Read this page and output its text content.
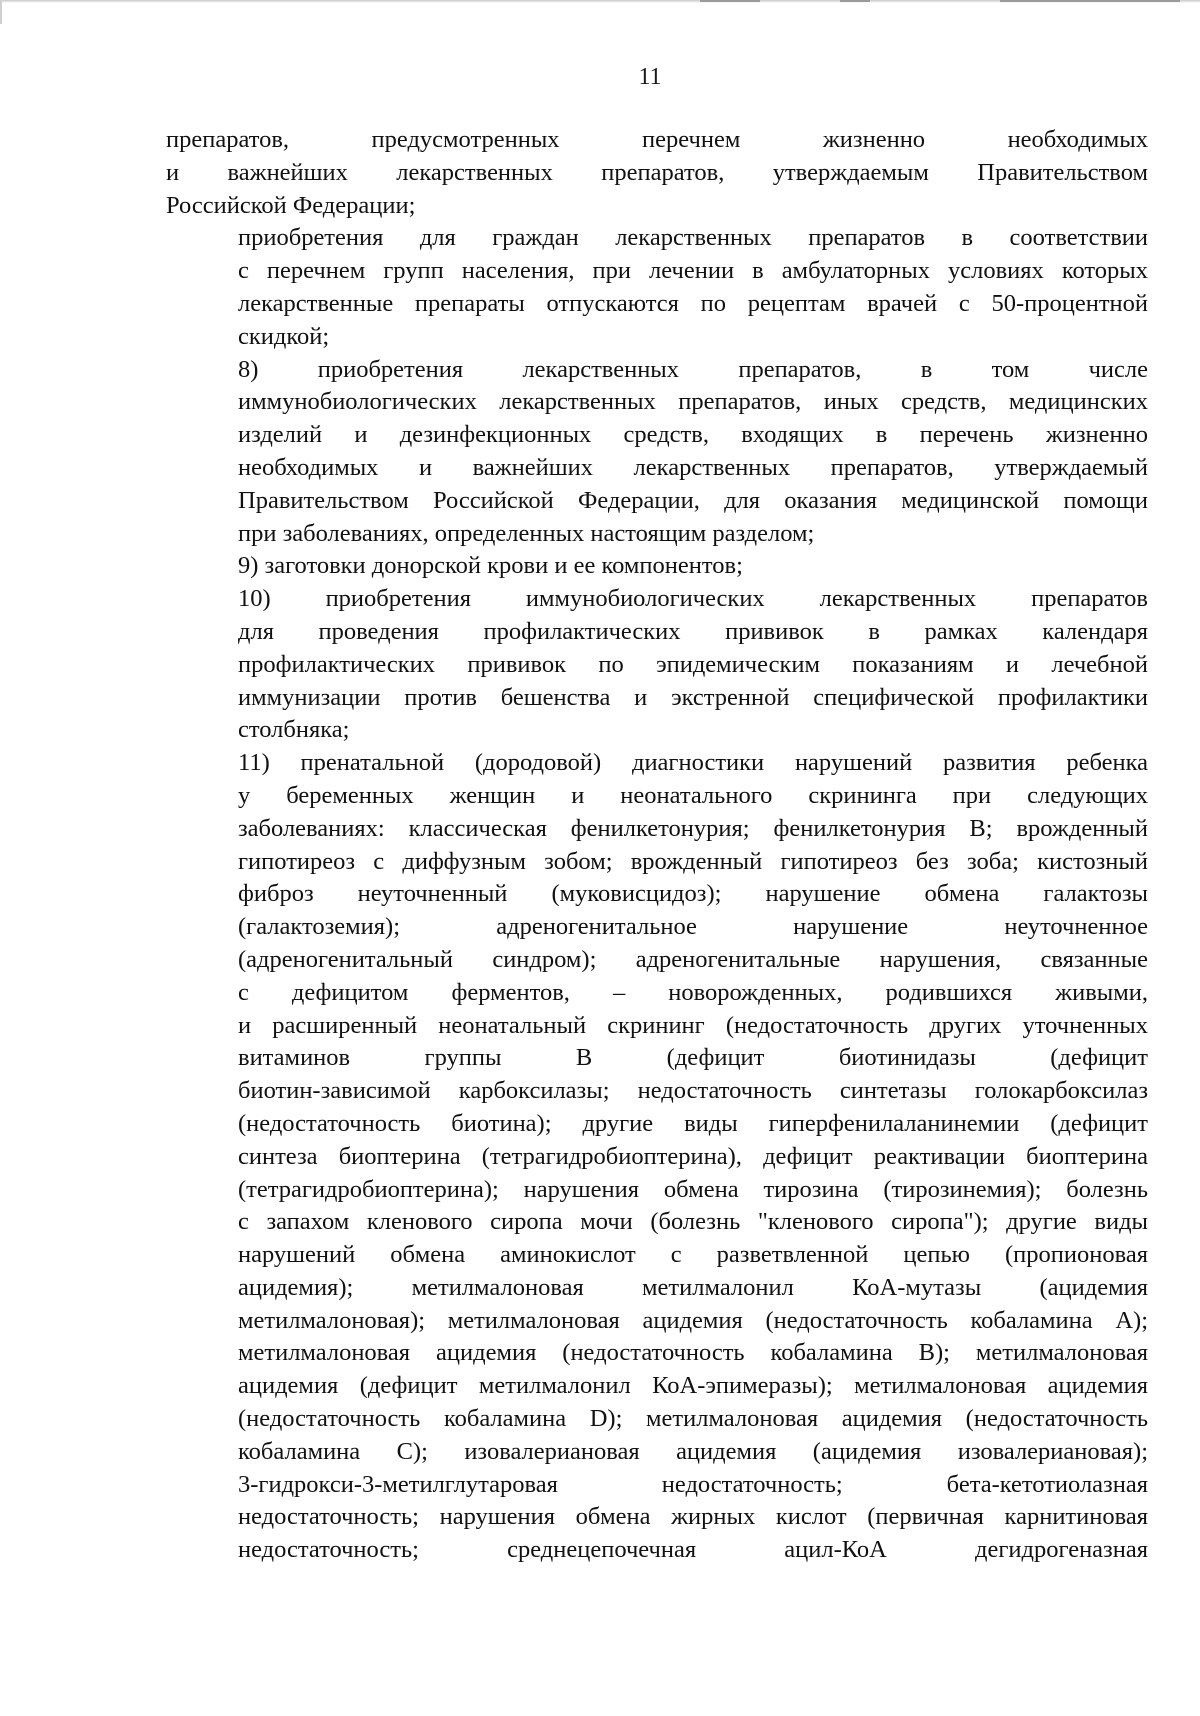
11

препаратов, предусмотренных перечнем жизненно необходимых
и важнейших лекарственных препаратов, утверждаемым Правительством
Российской Федерации;

приобретения для граждан лекарственных препаратов в соответствии
с перечнем групп населения, при лечении в амбулаторных условиях которых
лекарственные препараты отпускаются по рецептам врачей с 50-процентной
скидкой;

8) приобретения лекарственных препаратов, в том числе
иммунобиологических лекарственных препаратов, иных средств, медицинских
изделий и дезинфекционных средств, входящих в перечень жизненно
необходимых и важнейших лекарственных препаратов, утверждаемый
Правительством Российской Федерации, для оказания медицинской помощи
при заболеваниях, определенных настоящим разделом;

9) заготовки донорской крови и ее компонентов;

10) приобретения иммунобиологических лекарственных препаратов
для проведения профилактических прививок в рамках календаря
профилактических прививок по эпидемическим показаниям и лечебной
иммунизации против бешенства и экстренной специфической профилактики
столбняка;

11) пренатальной (дородовой) диагностики нарушений развития ребенка
у беременных женщин и неонатального скрининга при следующих
заболеваниях: классическая фенилкетонурия; фенилкетонурия В; врожденный
гипотиреоз с диффузным зобом; врожденный гипотиреоз без зоба; кистозный
фиброз неуточненный (муковисцидоз); нарушение обмена галактозы
(галактоземия); адреногенитальное нарушение неуточненное
(адреногенитальный синдром); адреногенитальные нарушения, связанные
с дефицитом ферментов, – новорожденных, родившихся живыми,
и расширенный неонатальный скрининг (недостаточность других уточненных
витаминов группы В (дефицит биотинидазы (дефицит
биотин-зависимой карбоксилазы; недостаточность синтетазы голокарбоксилаз
(недостаточность биотина); другие виды гиперфенилаланинемии (дефицит
синтеза биоптерина (тетрагидробиоптерина), дефицит реактивации биоптерина
(тетрагидробиоптерина); нарушения обмена тирозина (тирозинемия); болезнь
с запахом кленового сиропа мочи (болезнь "кленового сиропа"); другие виды
нарушений обмена аминокислот с разветвленной цепью (пропионовая
ацидемия); метилмалоновая метилмалонил КоА-мутазы (ацидемия
метилмалоновая); метилмалоновая ацидемия (недостаточность кобаламина А);
метилмалоновая ацидемия (недостаточность кобаламина В); метилмалоновая
ацидемия (дефицит метилмалонил КоА-эпимеразы); метилмалоновая ацидемия
(недостаточность кобаламина D); метилмалоновая ацидемия (недостаточность
кобаламина С); изовалериановая ацидемия (ацидемия изовалериановая);
3-гидрокси-3-метилглутаровая недостаточность; бета-кетотиолазная
недостаточность; нарушения обмена жирных кислот (первичная карнитиновая
недостаточность; среднецепочечная ацил-КоА дегидрогеназная
